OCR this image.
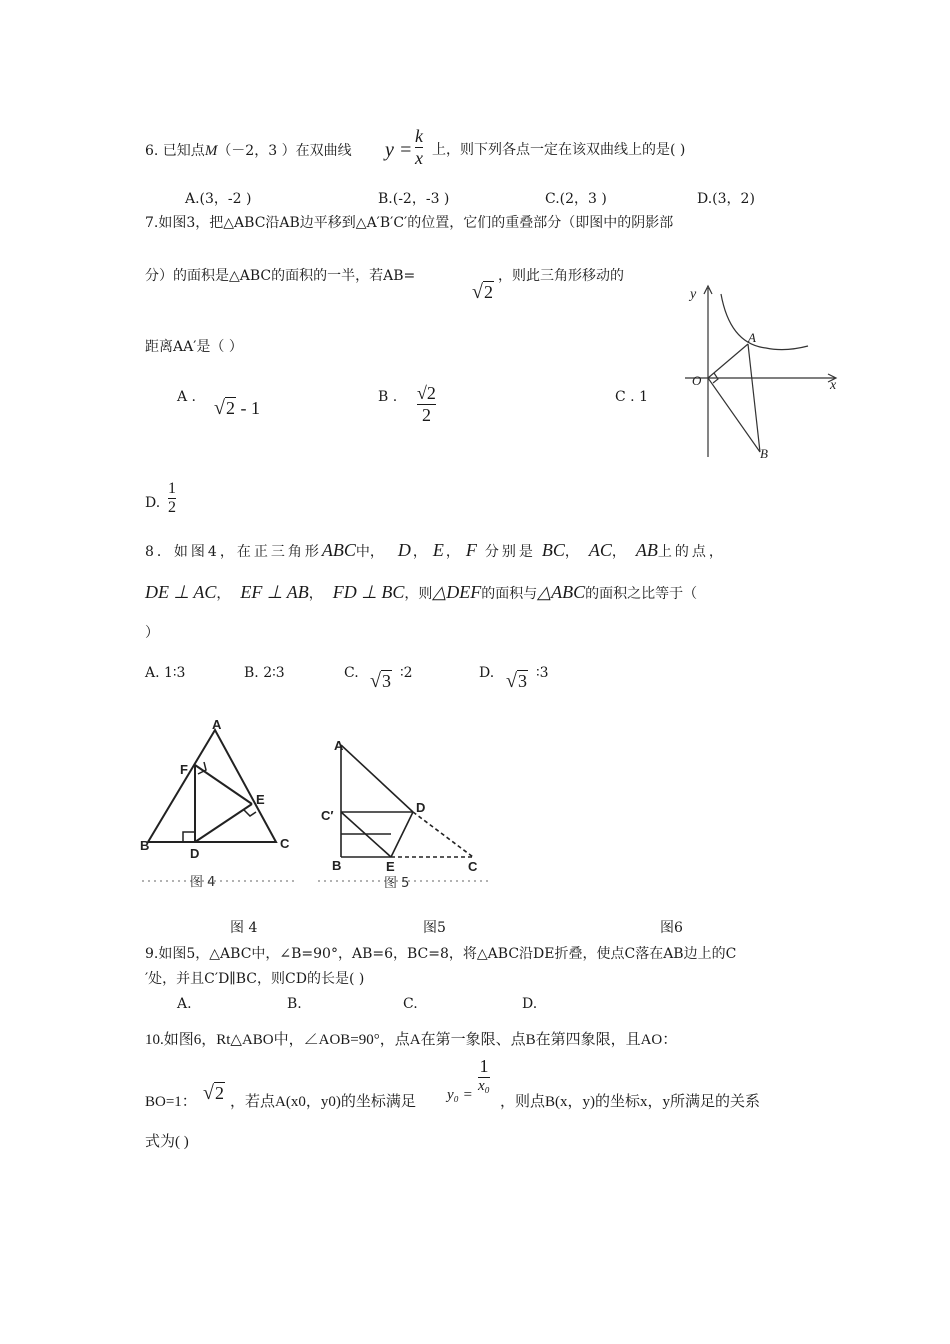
6. 已知点M（－2，3 ）在双曲线 y =
k
x 上，则下列各点一定在该双曲线上的是( )
A.(3，-2 )	B.(-2，-3 )	C.(2，3 )	D.(3，2)
7.如图3，把△ABC沿AB边平移到△A′B′C′的位置，它们的重叠部分（即图中的阴影部
分）的面积是△ABC的面积的一半，若AB=
√2
，则此三角形移动的
距离AA′是（ ）
A . √2 - 1
B . √2
2
C . 1
y
x
O
A
B
D.
1
2
8．如图4，在正三角形 ABC 中， D ， E ， F 分别是 BC ， AC ， AB 上的点，
DE ⊥ AC ， EF ⊥ AB ， FD ⊥ BC ，则 △DEF 的面积与 △ABC 的面积之比等于（
）
A. 1∶3	B. 2∶3	C. √3 ∶2	D. √3 ∶3
A
B	C
D
E
F
图 4
A
B	C
C′
D
E
图 5
图 4	图5	图6
9.如图5，△ABC中，∠B=90°，AB=6，BC=8，将△ABC沿DE折叠，使点C落在AB边上的C
′处，并且C′D∥BC，则CD的长是( )
A.	B.	C.	D.
10.如图6，Rt△ABO中，∠AOB=90°，点A在第一象限、点B在第四象限，且AO：
BO=1： √2 ，若点A(x0，y0)的坐标满足 y₀ =
1
x₀
，则点B(x，y)的坐标x，y所满足的关系
式为( )
